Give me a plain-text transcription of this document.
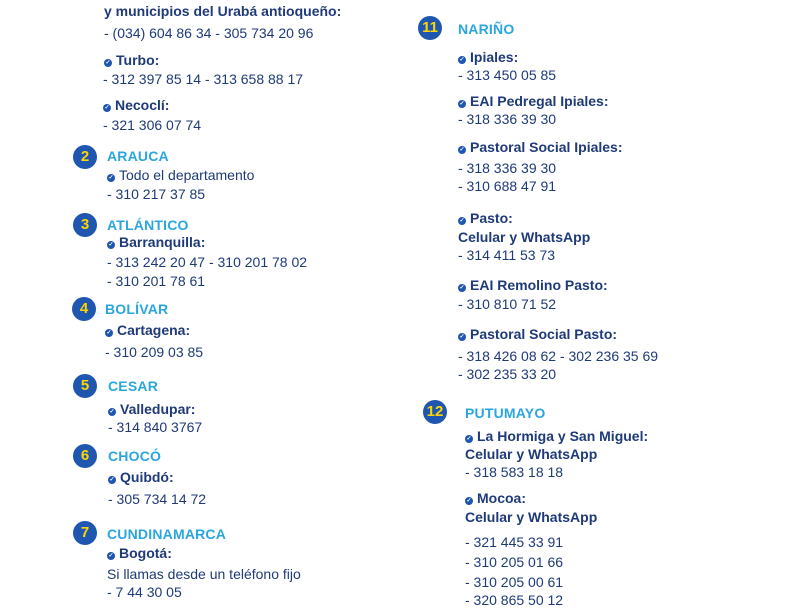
y municipios del Urabá antioqueño:
- (034) 604 86 34 - 305 734 20 96
✓ Turbo:
- 312 397 85 14 - 313 658 88 17
✓ Necoclí:
- 321 306 07 74
2	ARAUCA
✓ Todo el departamento
- 310 217 37 85
3	ATLÁNTICO
✓ Barranquilla:
- 313 242 20 47 - 310 201 78 02
- 310 201 78 61
4	BOLÍVAR
✓ Cartagena:
- 310 209 03 85
5	CESAR
✓ Valledupar:
- 314 840 3767
6	CHOCÓ
✓ Quibdó:
- 305 734 14 72
7	CUNDINAMARCA
✓ Bogotá:
Si llamas desde un teléfono fijo
- 7 44 30 05
11 NARIÑO
✓ Ipiales:
- 313 450 05 85
✓ EAI Pedregal Ipiales:
- 318 336 39 30
✓ Pastoral Social Ipiales:
- 318 336 39 30
- 310 688 47 91
✓ Pasto:
Celular y WhatsApp
- 314 411 53 73
✓ EAI Remolino Pasto:
- 310 810 71 52
✓ Pastoral Social Pasto:
- 318 426 08 62 - 302 236 35 69
- 302 235 33 20
12 PUTUMAYO
✓ La Hormiga y San Miguel:
Celular y WhatsApp
- 318 583 18 18
✓ Mocoa:
Celular y WhatsApp
- 321 445 33 91
- 310 205 01 66
- 310 205 00 61
- 320 865 50 12
